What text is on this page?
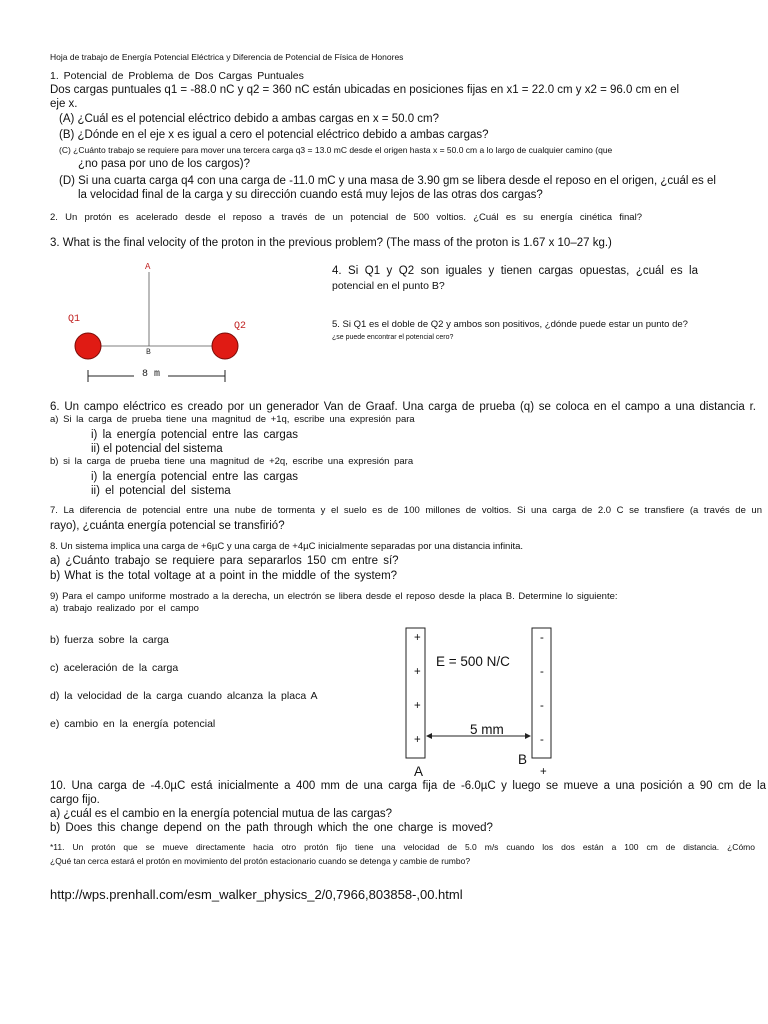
Hoja de trabajo de Energía Potencial Eléctrica y Diferencia de Potencial de Física de Honores
1. Potencial de Problema de Dos Cargas Puntuales
Dos cargas puntuales q1 = -88.0 nC y q2 = 360 nC están ubicadas en posiciones fijas en x1 = 22.0 cm y x2 = 96.0 cm en el
eje x.
(A) ¿Cuál es el potencial eléctrico debido a ambas cargas en x = 50.0 cm?
(B) ¿Dónde en el eje x es igual a cero el potencial eléctrico debido a ambas cargas?
(C) ¿Cuánto trabajo se requiere para mover una tercera carga q3 = 13.0 mC desde el origen hasta x = 50.0 cm a lo largo de cualquier camino (que
¿no pasa por uno de los cargos)?
(D) Si una cuarta carga q4 con una carga de -11.0 mC y una masa de 3.90 gm se libera desde el reposo en el origen, ¿cuál es el
la velocidad final de la carga y su dirección cuando está muy lejos de las otras dos cargas?
2. Un protón es acelerado desde el reposo a través de un potencial de 500 voltios. ¿Cuál es su energía cinética final?
3. What is the final velocity of the proton in the previous problem? (The mass of the proton is 1.67 x 10–27 kg.)
A
Q1
Q2
B
8 m
4. Si Q1 y Q2 son iguales y tienen cargas opuestas, ¿cuál es la
potencial en el punto B?
5. Si Q1 es el doble de Q2 y ambos son positivos, ¿dónde puede estar un punto de?
¿se puede encontrar el potencial cero?
6. Un campo eléctrico es creado por un generador Van de Graaf. Una carga de prueba (q) se coloca en el campo a una distancia r.
a) Si la carga de prueba tiene una magnitud de +1q, escribe una expresión para
i) la energía potencial entre las cargas
ii) el potencial del sistema
b) si la carga de prueba tiene una magnitud de +2q, escribe una expresión para
i) la energía potencial entre las cargas
ii) el potencial del sistema
7. La diferencia de potencial entre una nube de tormenta y el suelo es de 100 millones de voltios. Si una carga de 2.0 C se transfiere (a través de un
rayo), ¿cuánta energía potencial se transfirió?
8. Un sistema implica una carga de +6µC y una carga de +4µC inicialmente separadas por una distancia infinita.
a) ¿Cuánto trabajo se requiere para separarlos 150 cm entre sí?
b) What is the total voltage at a point in the middle of the system?
9) Para el campo uniforme mostrado a la derecha, un electrón se libera desde el reposo desde la placa B. Determine lo siguiente:
a) trabajo realizado por el campo
b) fuerza sobre la carga
c) aceleración de la carga
d) la velocidad de la carga cuando alcanza la placa A
e) cambio en la energía potencial
+
+
+
+
-
-
-
-
E = 500 N/C
5 mm
A
B
+
10. Una carga de -4.0µC está inicialmente a 400 mm de una carga fija de -6.0µC y luego se mueve a una posición a 90 cm de la
cargo fijo.
a) ¿cuál es el cambio en la energía potencial mutua de las cargas?
b) Does this change depend on the path through which the one charge is moved?
*11. Un protón que se mueve directamente hacia otro protón fijo tiene una velocidad de 5.0 m/s cuando los dos están a 100 cm de distancia. ¿Cómo
¿Qué tan cerca estará el protón en movimiento del protón estacionario cuando se detenga y cambie de rumbo?
http://wps.prenhall.com/esm_walker_physics_2/0,7966,803858-,00.html
